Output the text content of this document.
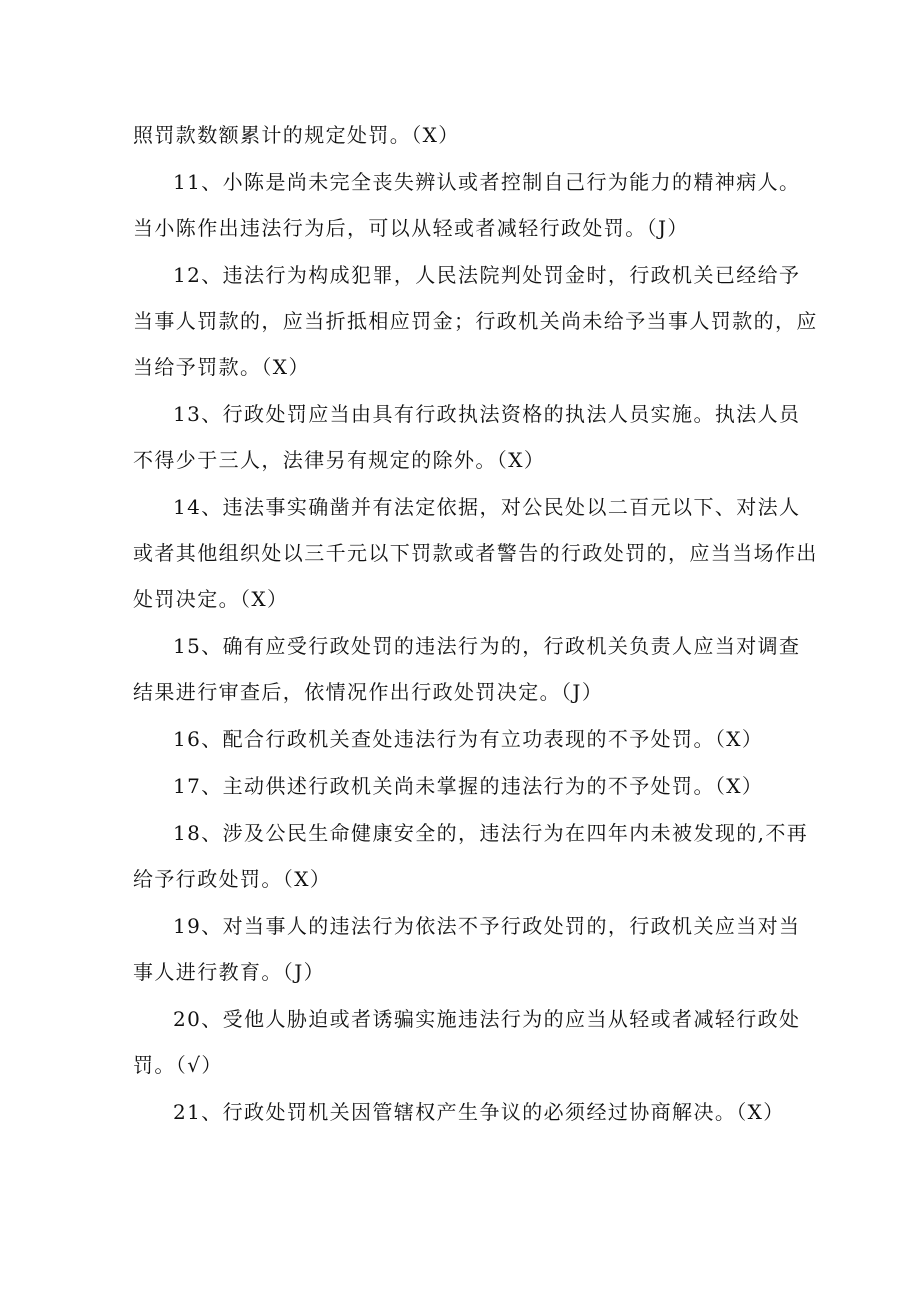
照罚款数额累计的规定处罚。（X）

11、小陈是尚未完全丧失辨认或者控制自己行为能力的精神病人。当小陈作出违法行为后，可以从轻或者减轻行政处罚。（J）

12、违法行为构成犯罪，人民法院判处罚金时，行政机关已经给予当事人罚款的，应当折抵相应罚金；行政机关尚未给予当事人罚款的，应当给予罚款。（X）

13、行政处罚应当由具有行政执法资格的执法人员实施。执法人员不得少于三人，法律另有规定的除外。（X）

14、违法事实确凿并有法定依据，对公民处以二百元以下、对法人或者其他组织处以三千元以下罚款或者警告的行政处罚的，应当当场作出处罚决定。（X）

15、确有应受行政处罚的违法行为的，行政机关负责人应当对调查结果进行审查后，依情况作出行政处罚决定。（J）

16、配合行政机关查处违法行为有立功表现的不予处罚。（X）

17、主动供述行政机关尚未掌握的违法行为的不予处罚。（X）

18、涉及公民生命健康安全的，违法行为在四年内未被发现的,不再给予行政处罚。（X）

19、对当事人的违法行为依法不予行政处罚的，行政机关应当对当事人进行教育。（J）

20、受他人胁迫或者诱骗实施违法行为的应当从轻或者减轻行政处罚。（√）

21、行政处罚机关因管辖权产生争议的必须经过协商解决。（X）
